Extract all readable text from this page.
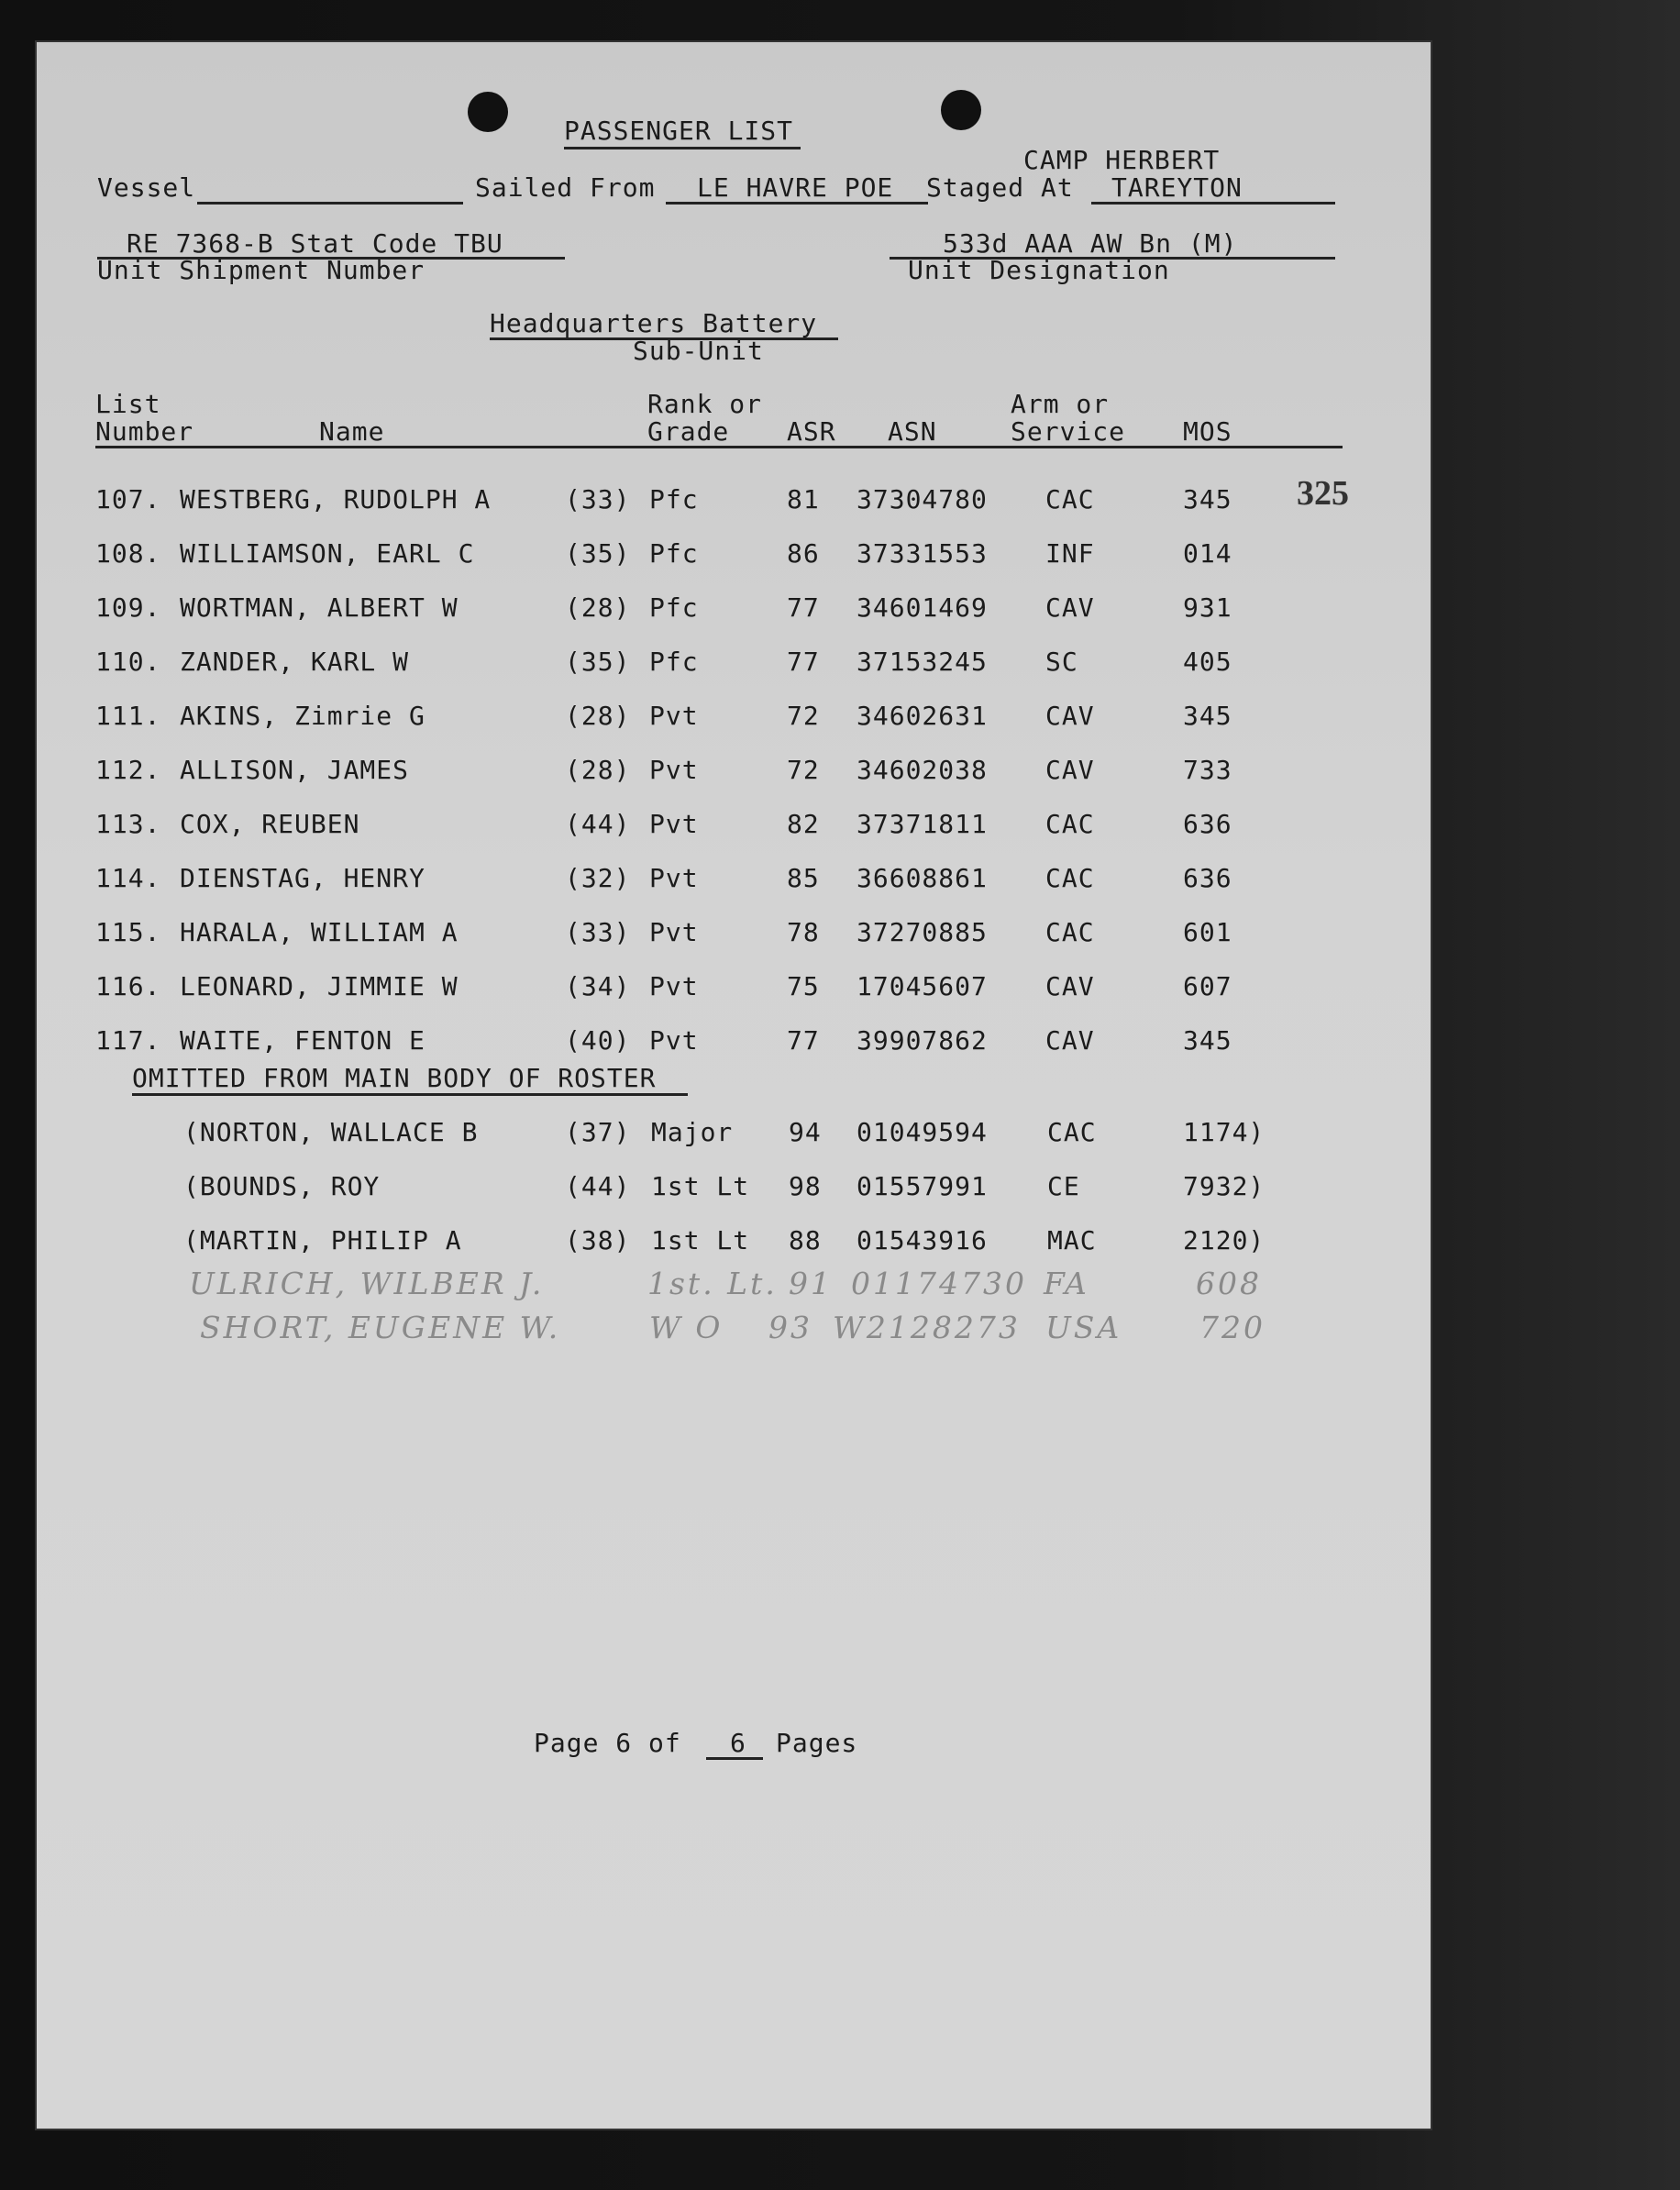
PASSENGER LIST
CAMP HERBERT
Vessel	Sailed From LE HAVRE POE Staged At TAREYTON
RE 7368-B Stat Code TBU
Unit Shipment Number
533d AAA AW Bn (M)
Unit Designation
Headquarters Battery
Sub-Unit
List
Number	Name
Rank or
Grade ASR ASN
Arm or
Service MOS
325
107. WESTBERG, RUDOLPH A	(33) Pfc	81 37304780 CAC	345
108. WILLIAMSON, EARL C	(35) Pfc	86 37331553 INF	014
109. WORTMAN, ALBERT W	(28) Pfc	77 34601469 CAV	931
110. ZANDER, KARL W	(35) Pfc	77 37153245 SC	405
111. AKINS, Zimrie G	(28) Pvt	72 34602631 CAV	345
112. ALLISON, JAMES	(28) Pvt	72 34602038 CAV	733
113. COX, REUBEN	(44) Pvt	82 37371811 CAC	636
114. DIENSTAG, HENRY	(32) Pvt	85 36608861 CAC	636
115. HARALA, WILLIAM A	(33) Pvt	78 37270885 CAC	601
116. LEONARD, JIMMIE W	(34) Pvt	75 17045607 CAV	607
117. WAITE, FENTON E	(40) Pvt	77 39907862 CAV	345
OMITTED FROM MAIN BODY OF ROSTER
(NORTON, WALLACE B	(37) Major 94 01049594 CAC	1174)
(BOUNDS, ROY	(44) 1st Lt 98 01557991 CE	7932)
(MARTIN, PHILIP A	(38) 1st Lt 88 01543916 MAC	2120)
ULRICH, WILBER J.	1st. Lt. 91 01174730 FA	608
SHORT, EUGENE W.	W O 93 W2128273 USA	720
Page 6 of 6 Pages
